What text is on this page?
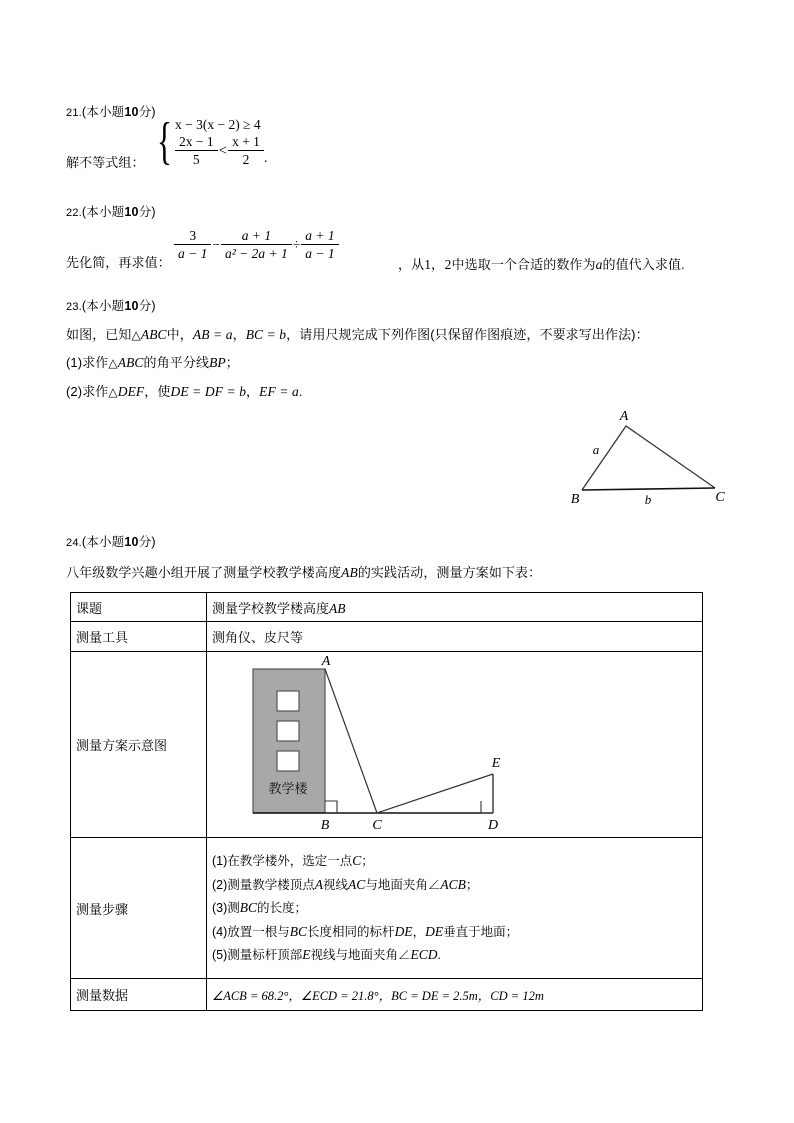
21.(本小题10分)
解不等式组： { x − 3(x − 2) ≥ 4
$\frac{2x - 1}{5} < \frac{x + 1}{2}$ .
22.(本小题10分)
先化简，再求值：
$\frac{3}{a - 1} - \frac{a + 1}{\text{a² − 2a + 1}} \div \frac{a + 1}{a - 1}$
，从1，2中选取一个合适的数作为a的值代入求值.
23.(本小题10分)
如图，已知△ABC中，AB = a，BC = b，请用尺规完成下列作图(只保留作图痕迹，不要求写出作法)：
(1)求作△ABC的角平分线BP；
(2)求作△DEF，使DE = DF = b，EF = a.
A
B	C
a
b
24.(本小题10分)
八年级数学兴趣小组开展了测量学校教学楼高度AB的实践活动，测量方案如下表：
课题	测量学校教学楼高度AB
测量工具	测角仪、皮尺等
测量方案示意图	
教学楼
A
B	C	D
E

测量步骤	(1)在教学楼外，选定一点C；
(2)测量教学楼顶点A视线AC与地面夹角∠ACB；
(3)测BC的长度；
(4)放置一根与BC长度相同的标杆DE，DE垂直于地面；
(5)测量标杆顶部E视线与地面夹角∠ECD.

测量数据	∠ACB = 68.2°，∠ECD = 21.8°，BC = DE = 2.5m，CD = 12m
